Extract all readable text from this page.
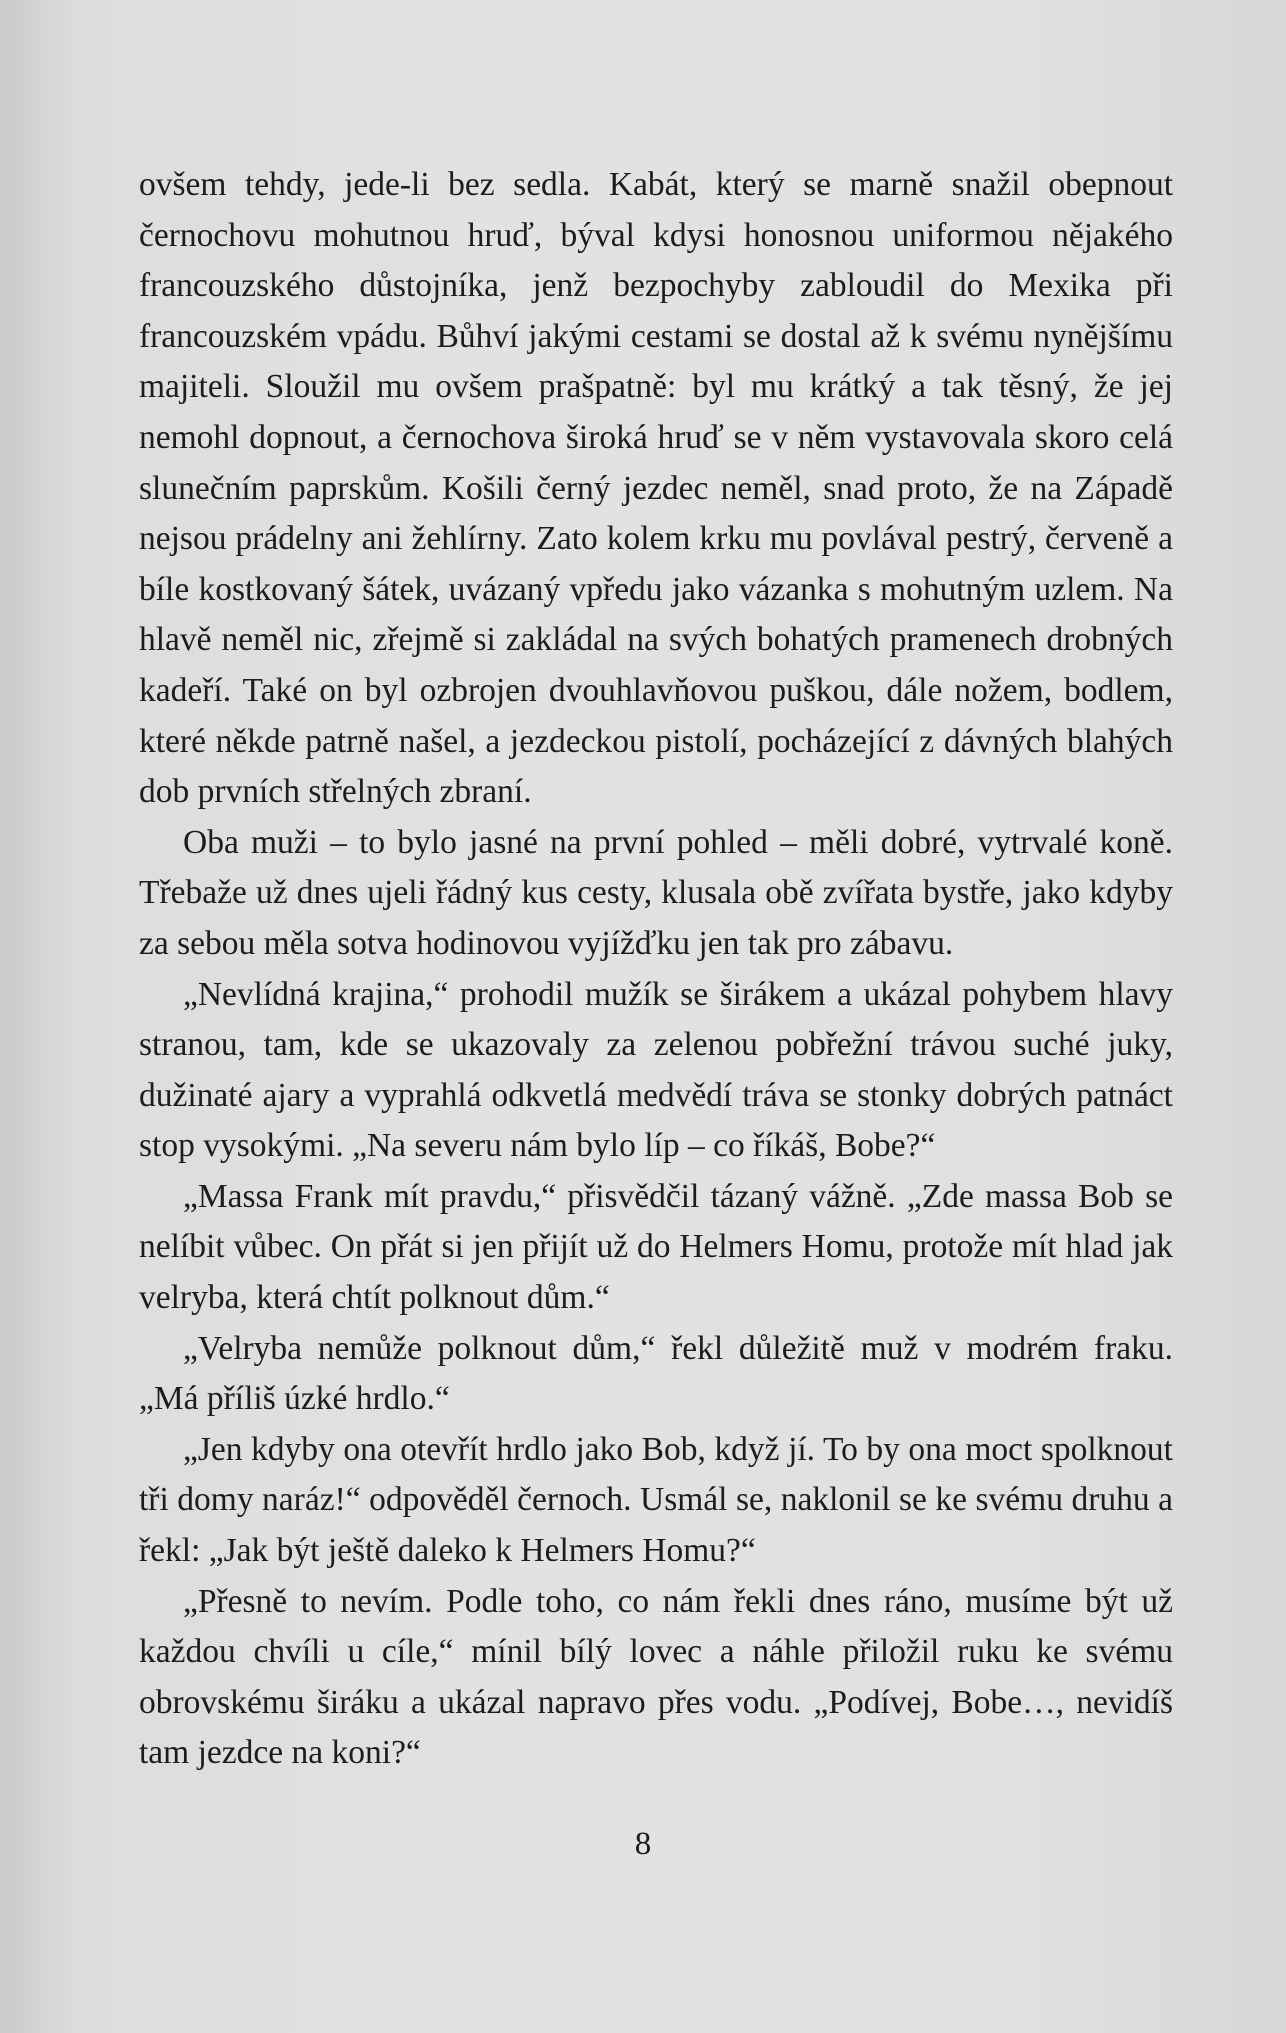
ovšem tehdy, jede-li bez sedla. Kabát, který se marně snažil obepnout černochovu mohutnou hruď, býval kdysi honosnou uniformou nějakého francouzského důstojníka, jenž bezpochyby zabloudil do Mexika při francouzském vpádu. Bůhví jakými cestami se dostal až k svému nynějšímu majiteli. Sloužil mu ovšem prašpatně: byl mu krátký a tak těsný, že jej nemohl dopnout, a černochova široká hruď se v něm vystavovala skoro celá slunečním paprskům. Košili černý jezdec neměl, snad proto, že na Západě nejsou prádelny ani žehlírny. Zato kolem krku mu povlával pestrý, červeně a bíle kostkovaný šátek, uvázaný vpředu jako vázanka s mohutným uzlem. Na hlavě neměl nic, zřejmě si zakládal na svých bohatých pramenech drobných kadeří. Také on byl ozbrojen dvouhlavňovou puškou, dále nožem, bodlem, které někde patrně našel, a jezdeckou pistolí, pocházející z dávných blahých dob prvních střelných zbraní.

Oba muži – to bylo jasné na první pohled – měli dobré, vytrvalé koně. Třebaže už dnes ujeli řádný kus cesty, klusala obě zvířata bystře, jako kdyby za sebou měla sotva hodinovou vyjížďku jen tak pro zábavu.

„Nevlídná krajina,“ prohodil mužík se širákem a ukázal pohybem hlavy stranou, tam, kde se ukazovaly za zelenou pobřežní trávou suché juky, dužinaté ajary a vyprahlá odkvetlá medvědí tráva se stonky dobrých patnáct stop vysokými. „Na severu nám bylo líp – co říkáš, Bobe?“

„Massa Frank mít pravdu,“ přisvědčil tázaný vážně. „Zde massa Bob se nelíbit vůbec. On přát si jen přijít už do Helmers Homu, protože mít hlad jak velryba, která chtít polknout dům.“

„Velryba nemůže polknout dům,“ řekl důležitě muž v modrém fraku. „Má příliš úzké hrdlo.“

„Jen kdyby ona otevřít hrdlo jako Bob, když jí. To by ona moct spolknout tři domy naráz!“ odpověděl černoch. Usmál se, naklonil se ke svému druhu a řekl: „Jak být ještě daleko k Helmers Homu?“

„Přesně to nevím. Podle toho, co nám řekli dnes ráno, musíme být už každou chvíli u cíle,“ mínil bílý lovec a náhle přiložil ruku ke svému obrovskému širáku a ukázal napravo přes vodu. „Podívej, Bobe…, nevidíš tam jezdce na koni?“

8
